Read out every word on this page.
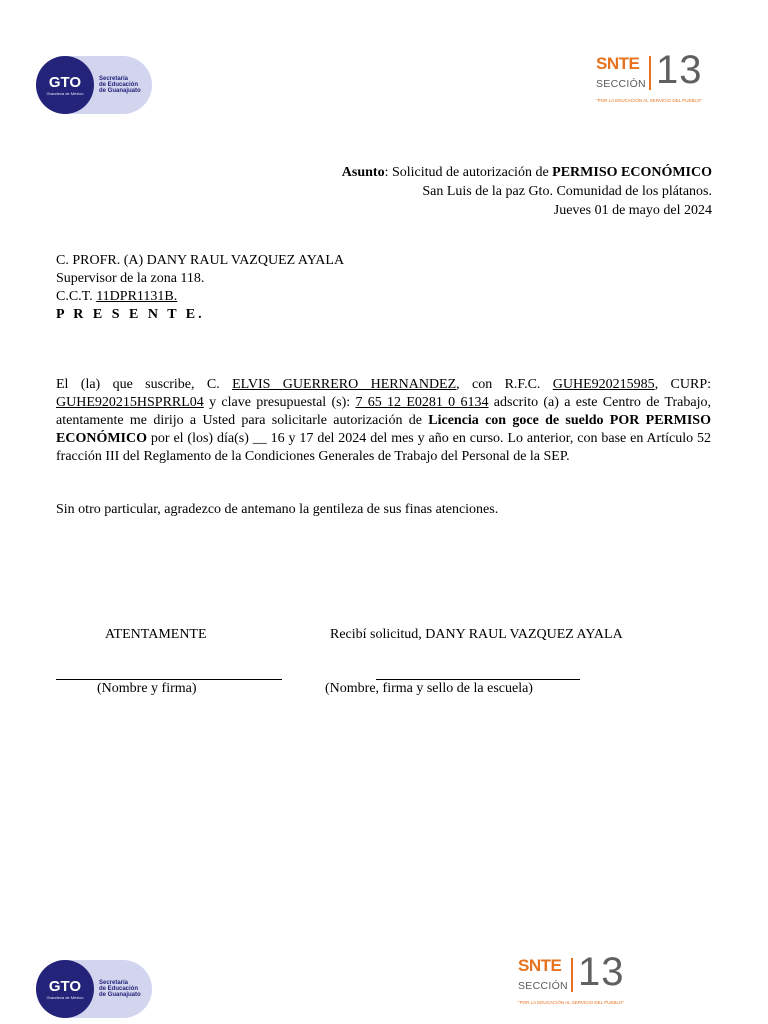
GTO
Grandeza de México
Secretaría
de Educación
de Guanajuato
SNTE
SECCIÓN 13
"POR LA EDUCACIÓN AL SERVICIO DEL PUEBLO"
Asunto: Solicitud de autorización de PERMISO ECONÓMICO
San Luis de la paz Gto. Comunidad de los plátanos.
Jueves 01 de mayo del 2024
C. PROFR. (A) DANY RAUL VAZQUEZ AYALA
Supervisor de la zona 118.
C.C.T. 11DPR1131B.
P R E S E N T E.
El (la) que suscribe, C. ELVIS GUERRERO HERNANDEZ, con R.F.C. GUHE920215985, CURP: GUHE920215HSPRRL04 y clave presupuestal (s): 7 65 12 E0281 0 6134 adscrito (a) a este Centro de Trabajo, atentamente me dirijo a Usted para solicitarle autorización de Licencia con goce de sueldo POR PERMISO ECONÓMICO por el (los) día(s) __ 16 y 17 del 2024 del mes y año en curso. Lo anterior, con base en Artículo 52 fracción III del Reglamento de la Condiciones Generales de Trabajo del Personal de la SEP.
Sin otro particular, agradezco de antemano la gentileza de sus finas atenciones.
ATENTAMENTE	Recibí solicitud, DANY RAUL VAZQUEZ AYALA
(Nombre y firma)	(Nombre, firma y sello de la escuela)
GTO
Grandeza de México
Secretaría
de Educación
de Guanajuato
SNTE
SECCIÓN 13
"POR LA EDUCACIÓN AL SERVICIO DEL PUEBLO"
